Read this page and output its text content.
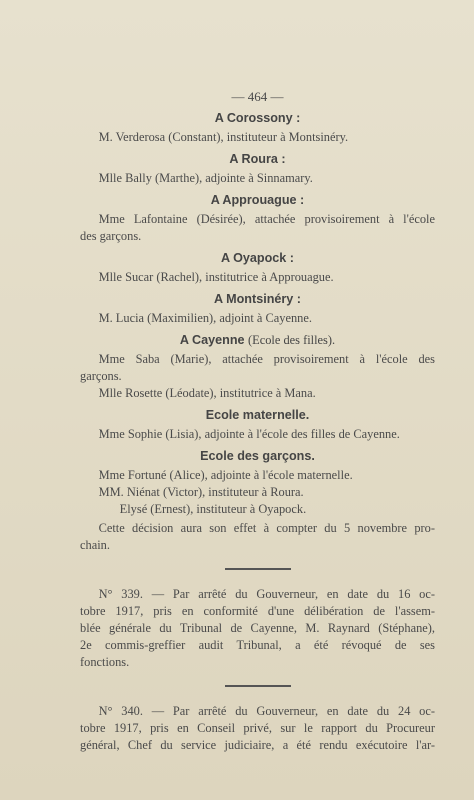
— 464 —
A Corossony :
M. Verderosa (Constant), instituteur à Montsinéry.
A Roura :
Mlle Bally (Marthe), adjointe à Sinnamary.
A Approuague :
Mme Lafontaine (Désirée), attachée provisoirement à l'école
des garçons.
A Oyapock :
Mlle Sucar (Rachel), institutrice à Approuague.
A Montsinéry :
M. Lucia (Maximilien), adjoint à Cayenne.
A Cayenne (Ecole des filles).
Mme Saba (Marie), attachée provisoirement à l'école des
garçons.
Mlle Rosette (Léodate), institutrice à Mana.
Ecole maternelle.
Mme Sophie (Lisia), adjointe à l'école des filles de Cayenne.
Ecole des garçons.
Mme Fortuné (Alice), adjointe à l'école maternelle.
MM. Niénat (Victor), instituteur à Roura.
Elysé (Ernest), instituteur à Oyapock.
Cette décision aura son effet à compter du 5 novembre pro-
chain.
N° 339. — Par arrêté du Gouverneur, en date du 16 oc-
tobre 1917, pris en conformité d'une délibération de l'assem-
blée générale du Tribunal de Cayenne, M. Raynard (Stéphane),
2e commis-greffier audit Tribunal, a été révoqué de ses
fonctions.
N° 340. — Par arrêté du Gouverneur, en date du 24 oc-
tobre 1917, pris en Conseil privé, sur le rapport du Procureur
général, Chef du service judiciaire, a été rendu exécutoire l'ar-
